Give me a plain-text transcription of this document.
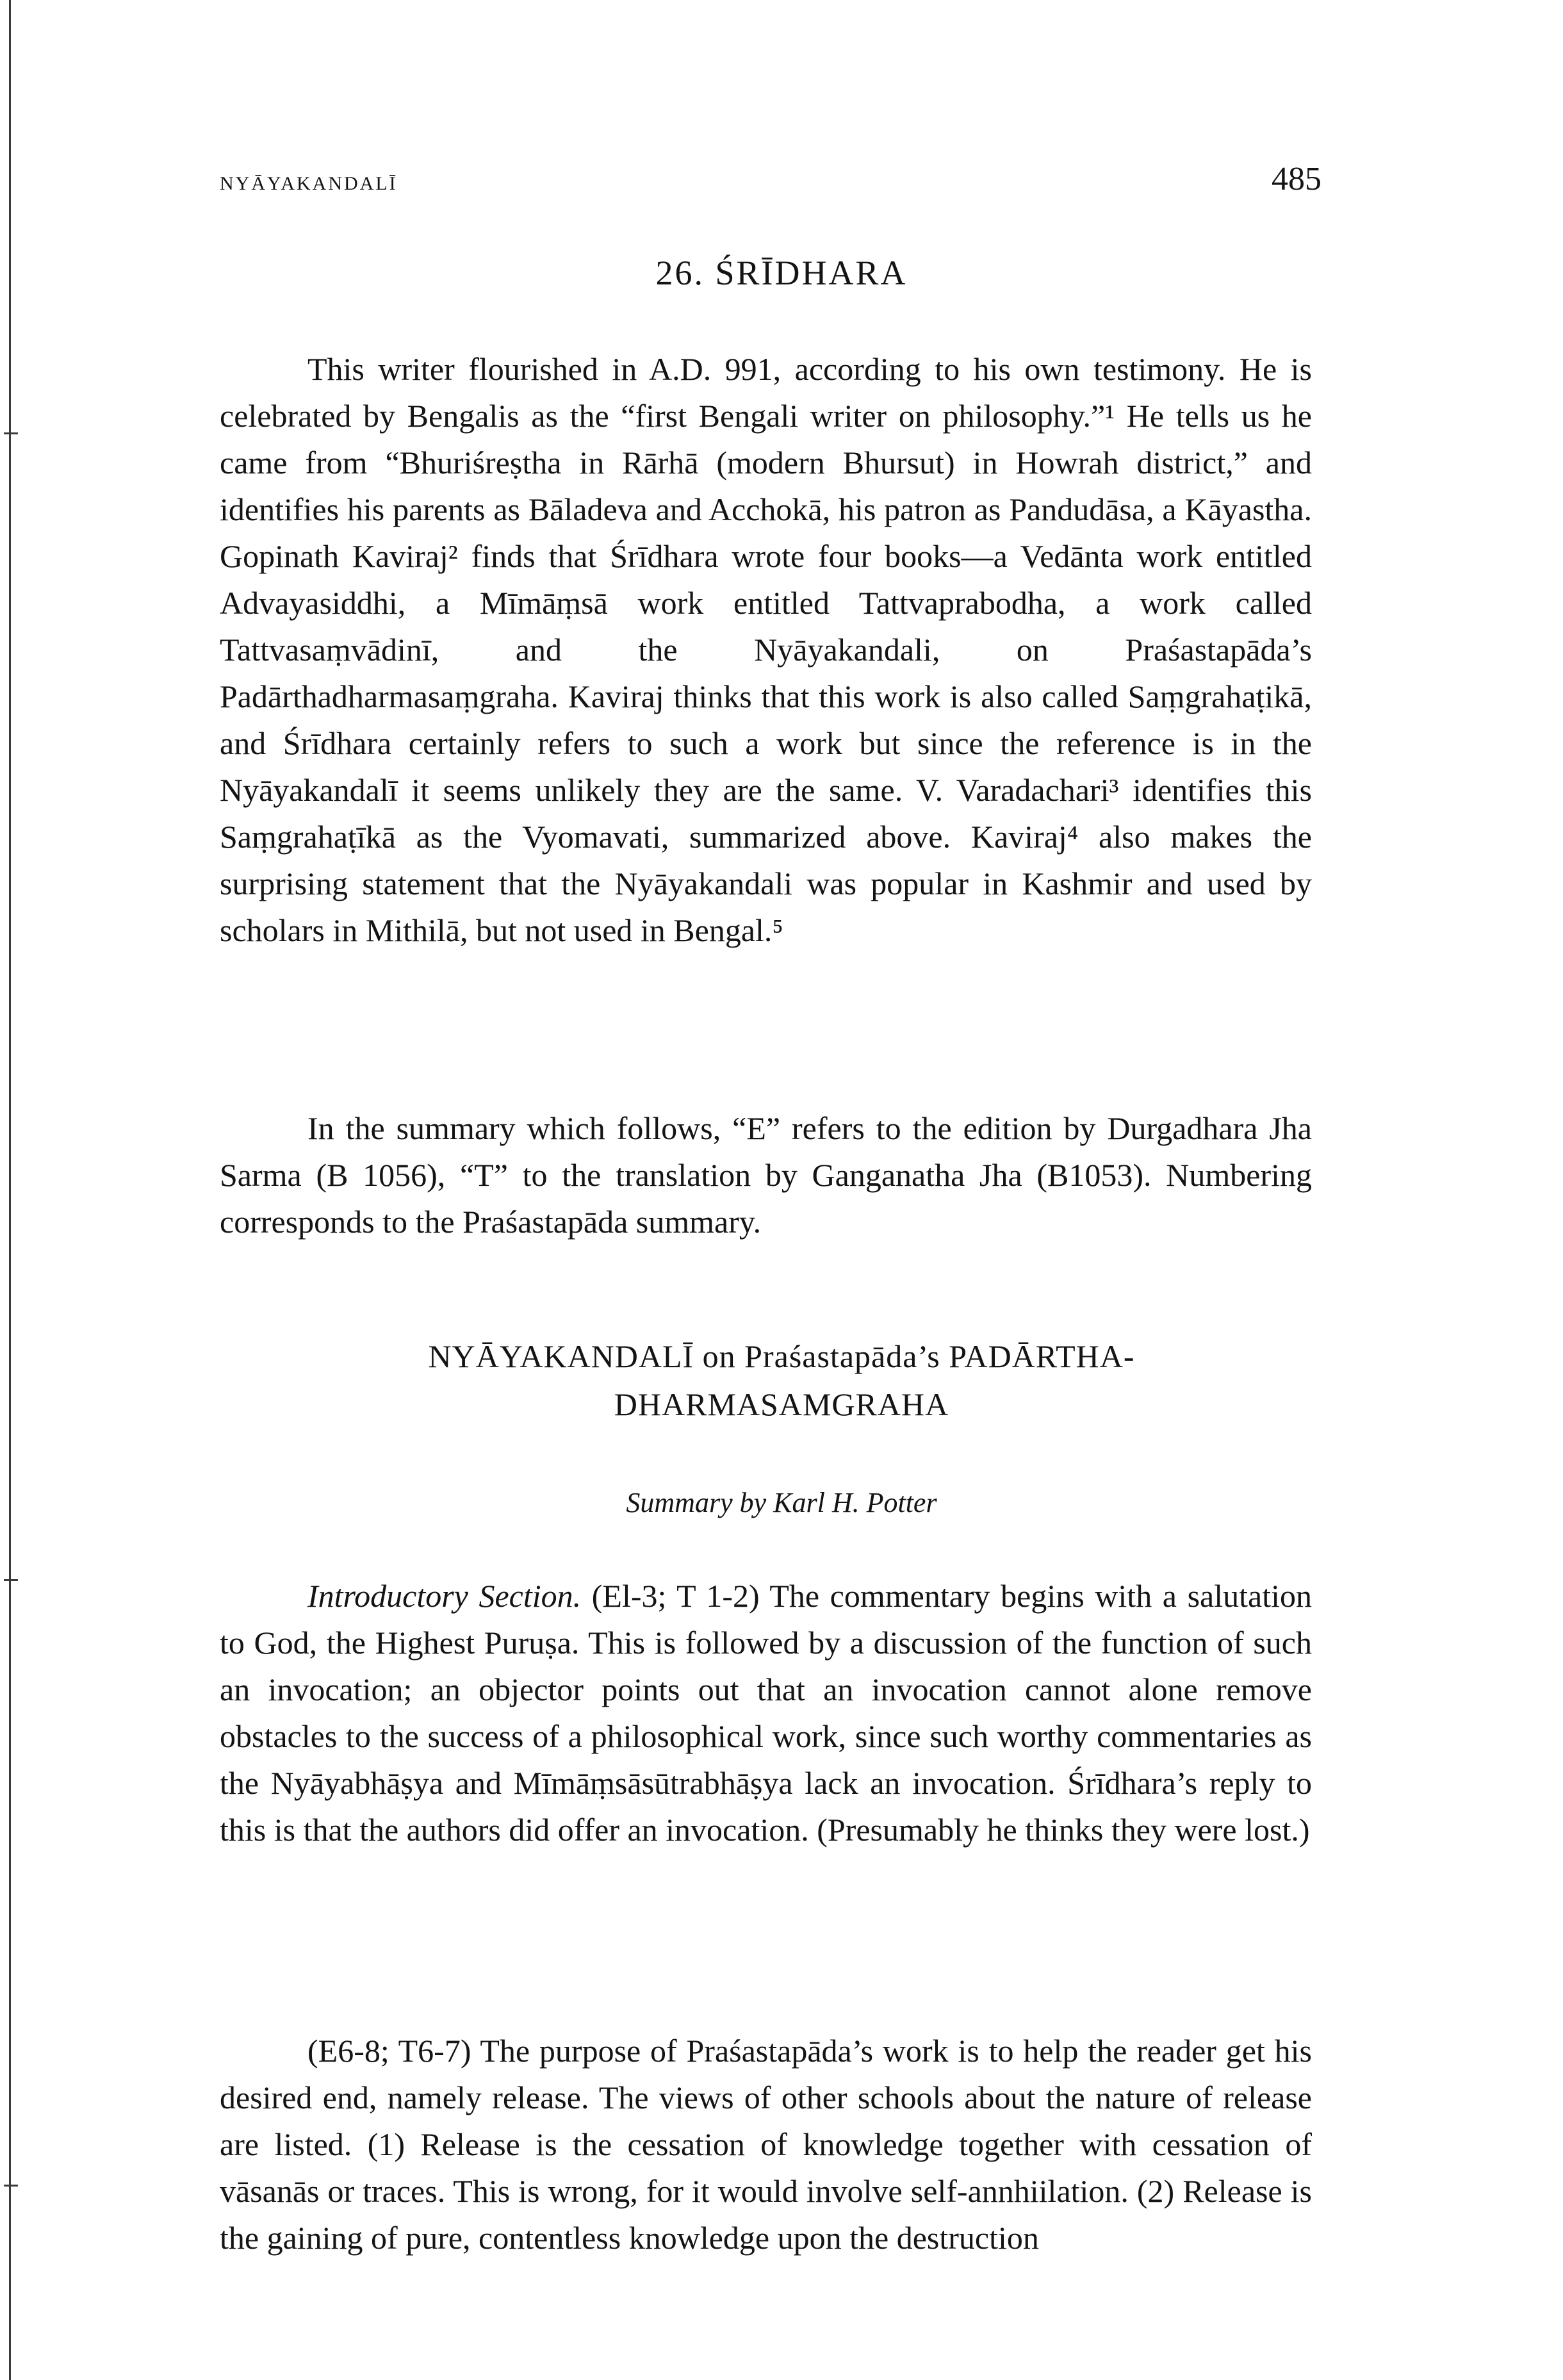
NYĀYAKANDALĪ	485
26. ŚRĪDHARA

This writer flourished in A.D. 991, according to his own testimony. He is celebrated by Bengalis as the “first Bengali writer on philosophy.”¹ He tells us he came from “Bhuriśreṣtha in Rārhā (modern Bhursut) in Howrah district,” and identifies his parents as Bāladeva and Acchokā, his patron as Pandudāsa, a Kāyastha. Gopinath Kaviraj² finds that Śrīdhara wrote four books—a Vedānta work entitled Advayasiddhi, a Mīmāṃsā work entitled Tattvaprabodha, a work called Tattvasaṃvādinī, and the Nyāyakandali, on Praśastapāda’s Padārthadharmasaṃgraha. Kaviraj thinks that this work is also called Saṃgrahaṭikā, and Śrīdhara certainly refers to such a work but since the reference is in the Nyāyakandalī it seems unlikely they are the same. V. Varadachari³ identifies this Saṃgrahaṭīkā as the Vyomavati, summarized above. Kaviraj⁴ also makes the surprising statement that the Nyāyakandali was popular in Kashmir and used by scholars in Mithilā, but not used in Bengal.⁵

In the summary which follows, “E” refers to the edition by Durgadhara Jha Sarma (B 1056), “T” to the translation by Ganganatha Jha (B1053). Numbering corresponds to the Praśastapāda summary.

NYĀYAKANDALĪ on Praśastapāda’s PADĀRTHA-
DHARMASAMGRAHA
Summary by Karl H. Potter

Introductory Section. (El-3; T 1-2) The commentary begins with a salutation to God, the Highest Puruṣa. This is followed by a discussion of the function of such an invocation; an objector points out that an invocation cannot alone remove obstacles to the success of a philosophical work, since such worthy commentaries as the Nyāyabhāṣya and Mīmāṃsāsūtrabhāṣya lack an invocation. Śrīdhara’s reply to this is that the authors did offer an invocation. (Presumably he thinks they were lost.)

(E6-8; T6-7) The purpose of Praśastapāda’s work is to help the reader get his desired end, namely release. The views of other schools about the nature of release are listed. (1) Release is the cessation of knowledge together with cessation of vāsanās or traces. This is wrong, for it would involve self-annhiilation. (2) Release is the gaining of pure, contentless knowledge upon the destruction
